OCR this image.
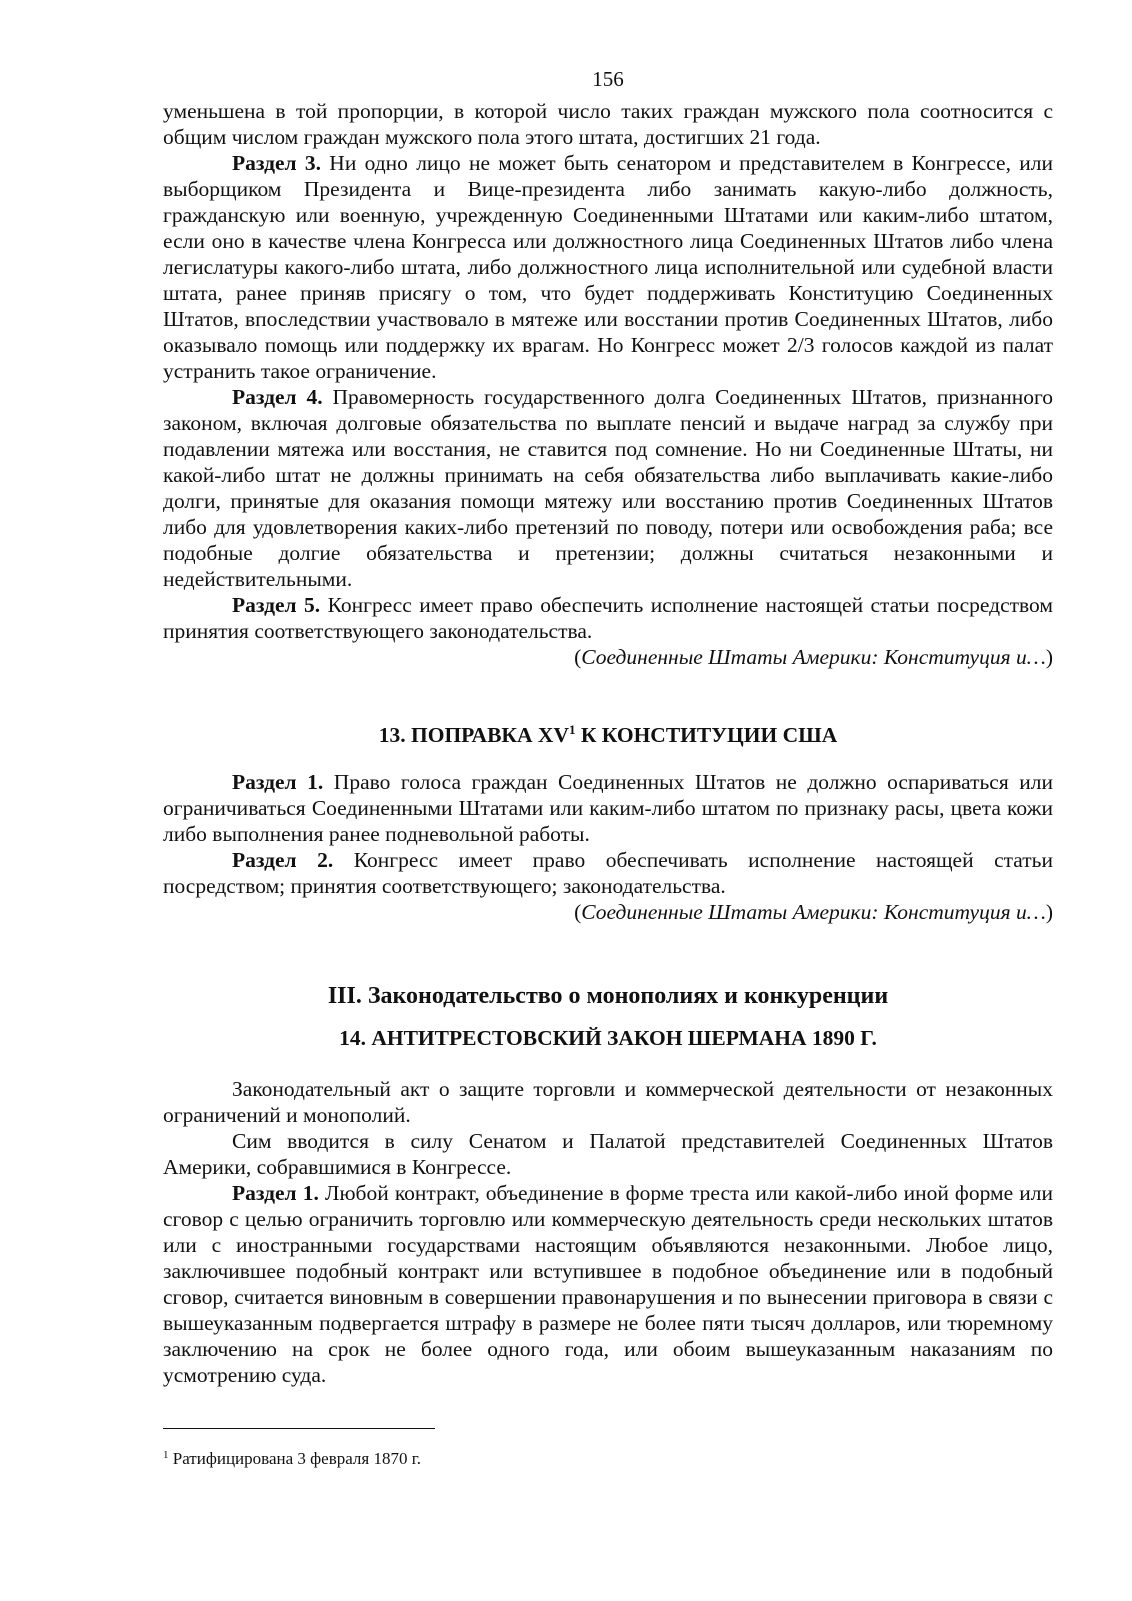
156

уменьшена в той пропорции, в которой число таких граждан мужского пола соотносится с общим числом граждан мужского пола этого штата, достигших 21 года.

Раздел 3. Ни одно лицо не может быть сенатором и представителем в Конгрессе, или выборщиком Президента и Вице-президента либо занимать какую-либо должность, гражданскую или военную, учрежденную Соединенными Штатами или каким-либо штатом, если оно в качестве члена Конгресса или должностного лица Соединенных Штатов либо члена легислатуры какого-либо штата, либо должностного лица исполнительной или судебной власти штата, ранее приняв присягу о том, что будет поддерживать Конституцию Соединенных Штатов, впоследствии участвовало в мятеже или восстании против Соединенных Штатов, либо оказывало помощь или поддержку их врагам. Но Конгресс может 2/3 голосов каждой из палат устранить такое ограничение.

Раздел 4. Правомерность государственного долга Соединенных Штатов, признанного законом, включая долговые обязательства по выплате пенсий и выдаче наград за службу при подавлении мятежа или восстания, не ставится под сомнение. Но ни Соединенные Штаты, ни какой-либо штат не должны принимать на себя обязательства либо выплачивать какие-либо долги, принятые для оказания помощи мятежу или восстанию против Соединенных Штатов либо для удовлетворения каких-либо претензий по поводу, потери или освобождения раба; все подобные долгие обязательства и претензии; должны считаться незаконными и недействительными.

Раздел 5. Конгресс имеет право обеспечить исполнение настоящей статьи посредством принятия соответствующего законодательства.

(Соединенные Штаты Америки: Конституция и…)

13. ПОПРАВКА $XV^1$ К КОНСТИТУЦИИ США

Раздел 1. Право голоса граждан Соединенных Штатов не должно оспариваться или ограничиваться Соединенными Штатами или каким-либо штатом по признаку расы, цвета кожи либо выполнения ранее подневольной работы.

Раздел 2. Конгресс имеет право обеспечивать исполнение настоящей статьи посредством; принятия соответствующего; законодательства.

(Соединенные Штаты Америки: Конституция и…)

III. Законодательство о монополиях и конкуренции
14. АНТИТРЕСТОВСКИЙ ЗАКОН ШЕРМАНА 1890 Г.

Законодательный акт о защите торговли и коммерческой деятельности от незаконных ограничений и монополий.

Сим вводится в силу Сенатом и Палатой представителей Соединенных Штатов Америки, собравшимися в Конгрессе.

Раздел 1. Любой контракт, объединение в форме треста или какой-либо иной форме или сговор с целью ограничить торговлю или коммерческую деятельность среди нескольких штатов или с иностранными государствами настоящим объявляются незаконными. Любое лицо, заключившее подобный контракт или вступившее в подобное объединение или в подобный сговор, считается виновным в совершении правонарушения и по вынесении приговора в связи с вышеуказанным подвергается штрафу в размере не более пяти тысяч долларов, или тюремному заключению на срок не более одного года, или обоим вышеуказанным наказаниям по усмотрению суда.

$^1$ Ратифицирована 3 февраля 1870 г.
